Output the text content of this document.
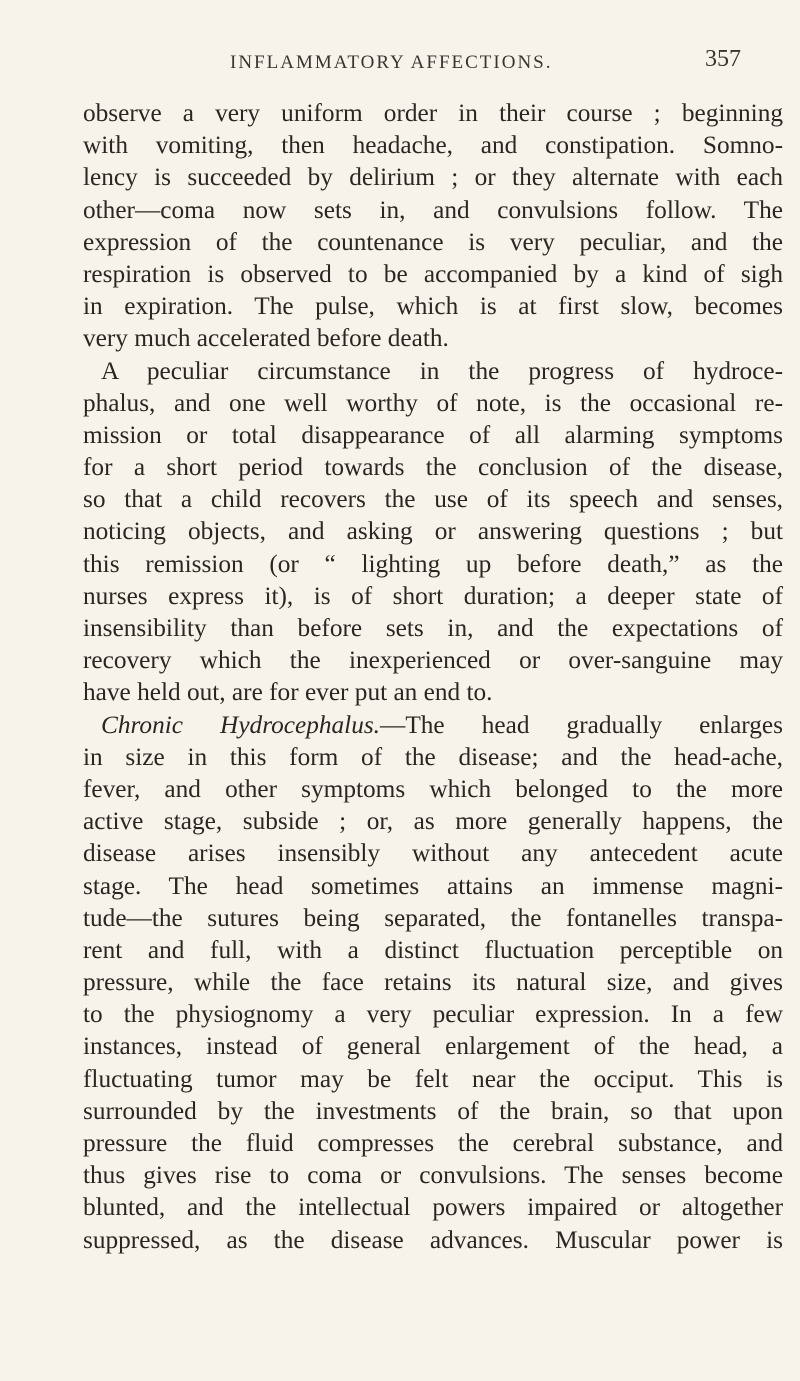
INFLAMMATORY AFFECTIONS.	357
observe a very uniform order in their course ; beginning
with vomiting, then headache, and constipation. Somno-
lency is succeeded by delirium ; or they alternate with each
other—coma now sets in, and convulsions follow. The
expression of the countenance is very peculiar, and the
respiration is observed to be accompanied by a kind of sigh
in expiration. The pulse, which is at first slow, becomes
very much accelerated before death.
A peculiar circumstance in the progress of hydroce-
phalus, and one well worthy of note, is the occasional re-
mission or total disappearance of all alarming symptoms
for a short period towards the conclusion of the disease,
so that a child recovers the use of its speech and senses,
noticing objects, and asking or answering questions ; but
this remission (or “ lighting up before death,” as the
nurses express it), is of short duration; a deeper state of
insensibility than before sets in, and the expectations of
recovery which the inexperienced or over-sanguine may
have held out, are for ever put an end to.
Chronic Hydrocephalus.—The head gradually enlarges
in size in this form of the disease; and the head-ache,
fever, and other symptoms which belonged to the more
active stage, subside ; or, as more generally happens, the
disease arises insensibly without any antecedent acute
stage. The head sometimes attains an immense magni-
tude—the sutures being separated, the fontanelles transpa-
rent and full, with a distinct fluctuation perceptible on
pressure, while the face retains its natural size, and gives
to the physiognomy a very peculiar expression. In a few
instances, instead of general enlargement of the head, a
fluctuating tumor may be felt near the occiput. This is
surrounded by the investments of the brain, so that upon
pressure the fluid compresses the cerebral substance, and
thus gives rise to coma or convulsions. The senses become
blunted, and the intellectual powers impaired or altogether
suppressed, as the disease advances. Muscular power is
